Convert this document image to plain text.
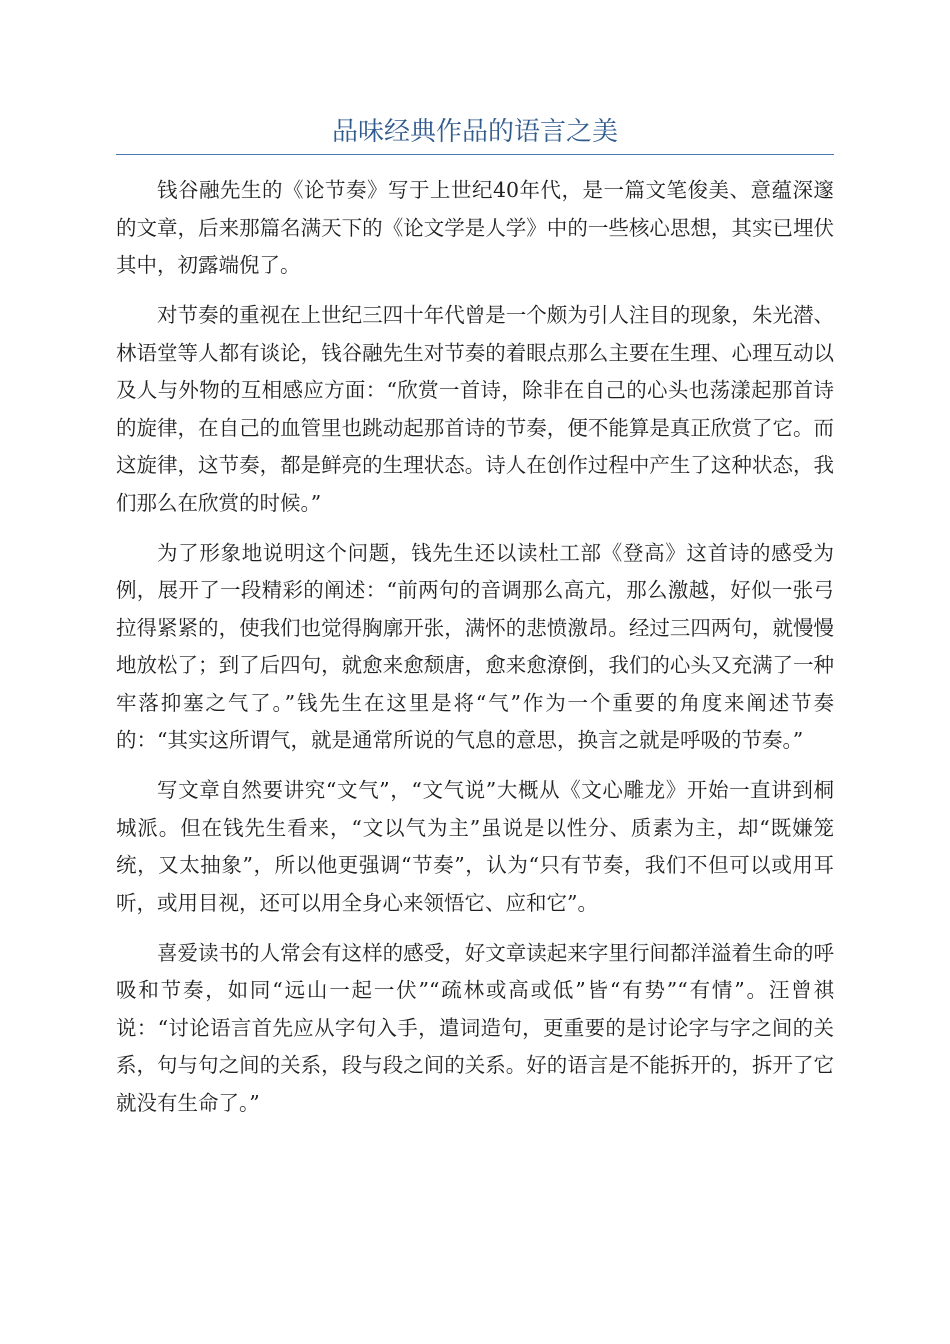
品味经典作品的语言之美

钱谷融先生的《论节奏》写于上世纪40年代，是一篇文笔俊美、意蕴深邃的文章，后来那篇名满天下的《论文学是人学》中的一些核心思想，其实已埋伏其中，初露端倪了。

对节奏的重视在上世纪三四十年代曾是一个颇为引人注目的现象，朱光潜、林语堂等人都有谈论，钱谷融先生对节奏的着眼点那么主要在生理、心理互动以及人与外物的互相感应方面：“欣赏一首诗，除非在自己的心头也荡漾起那首诗的旋律，在自己的血管里也跳动起那首诗的节奏，便不能算是真正欣赏了它。而这旋律，这节奏，都是鲜亮的生理状态。诗人在创作过程中产生了这种状态，我们那么在欣赏的时候。”

为了形象地说明这个问题，钱先生还以读杜工部《登高》这首诗的感受为例，展开了一段精彩的阐述：“前两句的音调那么高亢，那么激越，好似一张弓拉得紧紧的，使我们也觉得胸廓开张，满怀的悲愤激昂。经过三四两句，就慢慢地放松了；到了后四句，就愈来愈颓唐，愈来愈潦倒，我们的心头又充满了一种牢落抑塞之气了。”钱先生在这里是将“气”作为一个重要的角度来阐述节奏的：“其实这所谓气，就是通常所说的气息的意思，换言之就是呼吸的节奏。”

写文章自然要讲究“文气”，“文气说”大概从《文心雕龙》开始一直讲到桐城派。但在钱先生看来，“文以气为主”虽说是以性分、质素为主，却“既嫌笼统，又太抽象”，所以他更强调“节奏”，认为“只有节奏，我们不但可以或用耳听，或用目视，还可以用全身心来领悟它、应和它”。

喜爱读书的人常会有这样的感受，好文章读起来字里行间都洋溢着生命的呼吸和节奏，如同“远山一起一伏”“疏林或高或低”皆“有势”“有情”。汪曾祺说：“讨论语言首先应从字句入手，遣词造句，更重要的是讨论字与字之间的关系，句与句之间的关系，段与段之间的关系。好的语言是不能拆开的，拆开了它就没有生命了。”
